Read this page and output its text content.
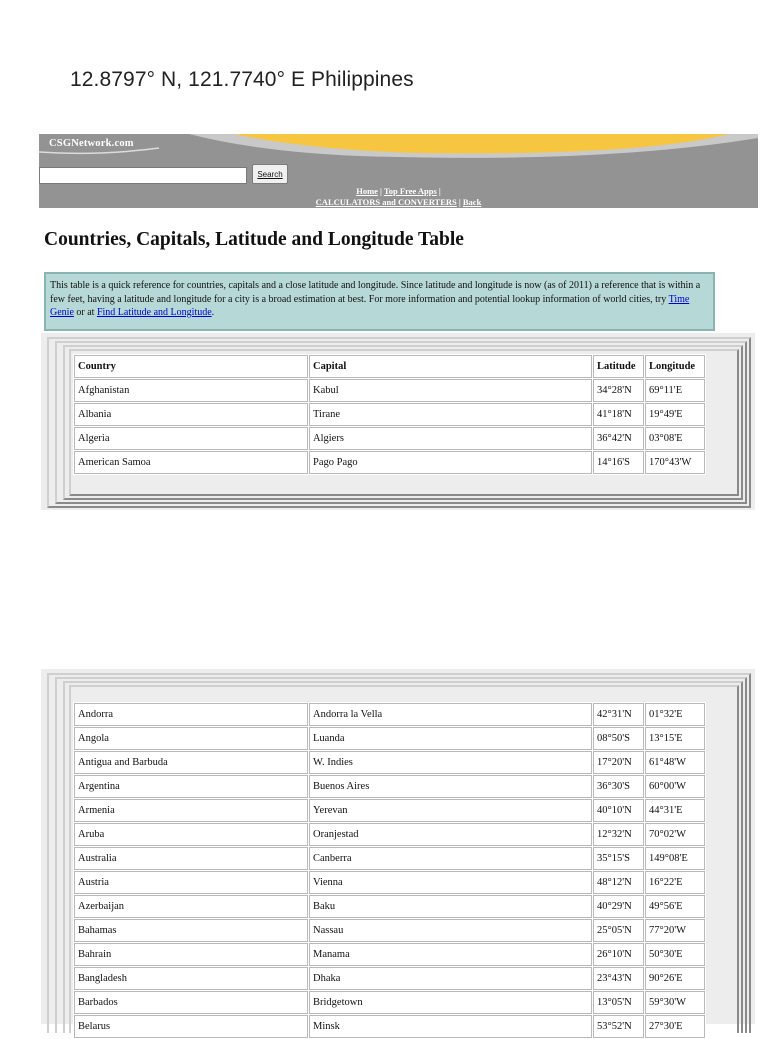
12.8797° N, 121.7740° E Philippines
CSGNetwork.com
Search
Home | Top Free Apps |
CALCULATORS and CONVERTERS | Back
Countries, Capitals, Latitude and Longitude Table
This table is a quick reference for countries, capitals and a close latitude and longitude. Since latitude and longitude is now (as of 2011) a reference that is within a few feet, having a latitude and longitude for a city is a broad estimation at best. For more information and potential lookup information of world cities, try Time Genie or at Find Latitude and Longitude.
Country	Capital	Latitude	Longitude
Afghanistan	Kabul	34°28'N	69°11'E
Albania	Tirane	41°18'N	19°49'E
Algeria	Algiers	36°42'N	03°08'E
American Samoa	Pago Pago	14°16'S	170°43'W
Andorra	Andorra la Vella	42°31'N	01°32'E
Angola	Luanda	08°50'S	13°15'E
Antigua and Barbuda	W. Indies	17°20'N	61°48'W
Argentina	Buenos Aires	36°30'S	60°00'W
Armenia	Yerevan	40°10'N	44°31'E
Aruba	Oranjestad	12°32'N	70°02'W
Australia	Canberra	35°15'S	149°08'E
Austria	Vienna	48°12'N	16°22'E
Azerbaijan	Baku	40°29'N	49°56'E
Bahamas	Nassau	25°05'N	77°20'W
Bahrain	Manama	26°10'N	50°30'E
Bangladesh	Dhaka	23°43'N	90°26'E
Barbados	Bridgetown	13°05'N	59°30'W
Belarus	Minsk	53°52'N	27°30'E
